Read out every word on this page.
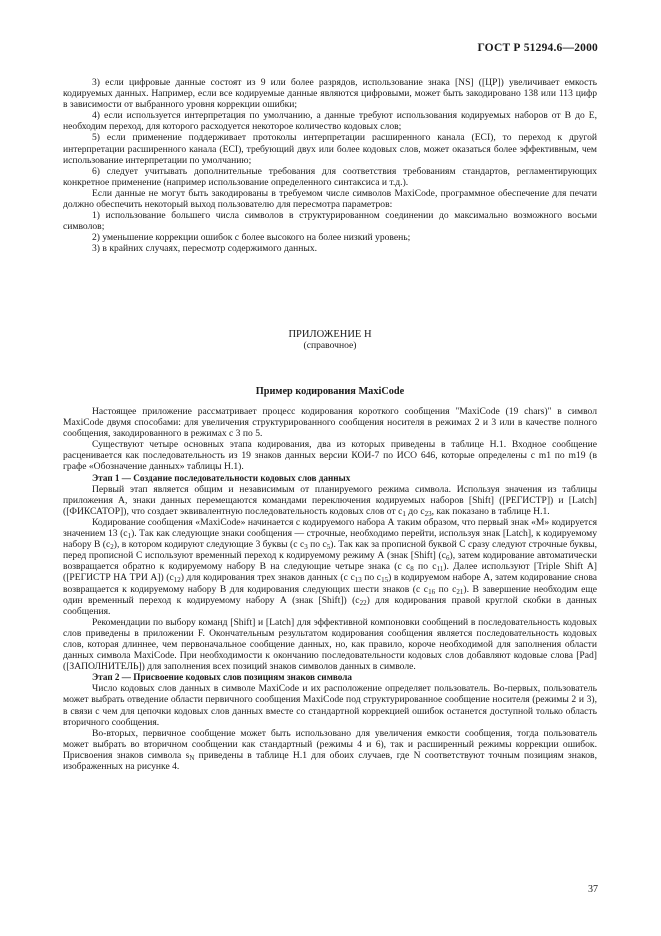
ГОСТ Р 51294.6—2000

3) если цифровые данные состоят из 9 или более разрядов, использование знака [NS] ([ЦР]) увеличивает емкость кодируемых данных. Например, если все кодируемые данные являются цифровыми, может быть закодировано 138 или 113 цифр в зависимости от выбранного уровня коррекции ошибки;

4) если используется интерпретация по умолчанию, а данные требуют использования кодируемых наборов от B до E, необходим переход, для которого расходуется некоторое количество кодовых слов;

5) если применение поддерживает протоколы интерпретации расширенного канала (ECI), то переход к другой интерпретации расширенного канала (ECI), требующий двух или более кодовых слов, может оказаться более эффективным, чем использование интерпретации по умолчанию;

6) следует учитывать дополнительные требования для соответствия требованиям стандартов, регламентирующих конкретное применение (например использование определенного синтаксиса и т.д.).

Если данные не могут быть закодированы в требуемом числе символов MaxiCode, программное обеспечение для печати должно обеспечить некоторый выход пользователю для пересмотра параметров:

1) использование большего числа символов в структурированном соединении до максимально возможного восьми символов;

2) уменьшение коррекции ошибок с более высокого на более низкий уровень;

3) в крайних случаях, пересмотр содержимого данных.

ПРИЛОЖЕНИЕ Н

(справочное)

Пример кодирования MaxiCode

Настоящее приложение рассматривает процесс кодирования короткого сообщения "MaxiCode (19 chars)" в символ MaxiCode двумя способами: для увеличения структурированного сообщения носителя в режимах 2 и 3 или в качестве полного сообщения, закодированного в режимах с 3 по 5.

Существуют четыре основных этапа кодирования, два из которых приведены в таблице Н.1. Входное сообщение расценивается как последовательность из 19 знаков данных версии КОИ-7 по ИСО 646, которые определены с m1 по m19 (в графе «Обозначение данных» таблицы Н.1).

Этап 1 — Создание последовательности кодовых слов данных

Первый этап является общим и независимым от планируемого режима символа. Используя значения из таблицы приложения А, знаки данных перемещаются командами переключения кодируемых наборов [Shift] ([РЕГИСТР]) и [Latch] ([ФИКСАТОР]), что создает эквивалентную последовательность кодовых слов от $c_1$ до $c_{23}$, как показано в таблице Н.1.

Кодирование сообщения «MaxiCode» начинается с кодируемого набора А таким образом, что первый знак «M» кодируется значением 13 $(c_1)$. Так как следующие знаки сообщения — строчные, необходимо перейти, используя знак [Latch], к кодируемому набору В $(c_2)$, в котором кодируют следующие 3 буквы (с $c_3$ по $c_5$). Так как за прописной буквой С сразу следуют строчные буквы, перед прописной С используют временный переход к кодируемому режиму А (знак [Shift] $(c_6)$, затем кодирование автоматически возвращается обратно к кодируемому набору В на следующие четыре знака (с $c_8$ по $c_{11}$). Далее используют [Triple Shift A] ([РЕГИСТР НА ТРИ А]) $(c_{12})$ для кодирования трех знаков данных (с $c_{13}$ по $c_{15}$) в кодируемом наборе А, затем кодирование снова возвращается к кодируемому набору В для кодирования следующих шести знаков (с $c_{16}$ по $c_{21}$). В завершение необходим еще один временный переход к кодируемому набору А (знак [Shift]) $(c_{22})$ для кодирования правой круглой скобки в данных сообщения.

Рекомендации по выбору команд [Shift] и [Latch] для эффективной компоновки сообщений в последовательность кодовых слов приведены в приложении F. Окончательным результатом кодирования сообщения является последовательность кодовых слов, которая длиннее, чем первоначальное сообщение данных, но, как правило, короче необходимой для заполнения области данных символа MaxiCode. При необходимости к окончанию последовательности кодовых слов добавляют кодовые слова [Pad] ([ЗАПОЛНИТЕЛЬ]) для заполнения всех позиций знаков символов данных в символе.

Этап 2 — Присвоение кодовых слов позициям знаков символа

Число кодовых слов данных в символе MaxiCode и их расположение определяет пользователь. Во-первых, пользователь может выбрать отведение области первичного сообщения MaxiCode под структурированное сообщение носителя (режимы 2 и 3), в связи с чем для цепочки кодовых слов данных вместе со стандартной коррекцией ошибок останется доступной только область вторичного сообщения.

Во-вторых, первичное сообщение может быть использовано для увеличения емкости сообщения, тогда пользователь может выбрать во вторичном сообщении как стандартный (режимы 4 и 6), так и расширенный режимы коррекции ошибок. Присвоения знаков символа $s_N$ приведены в таблице Н.1 для обоих случаев, где N соответствуют точным позициям знаков, изображенных на рисунке 4.

37
